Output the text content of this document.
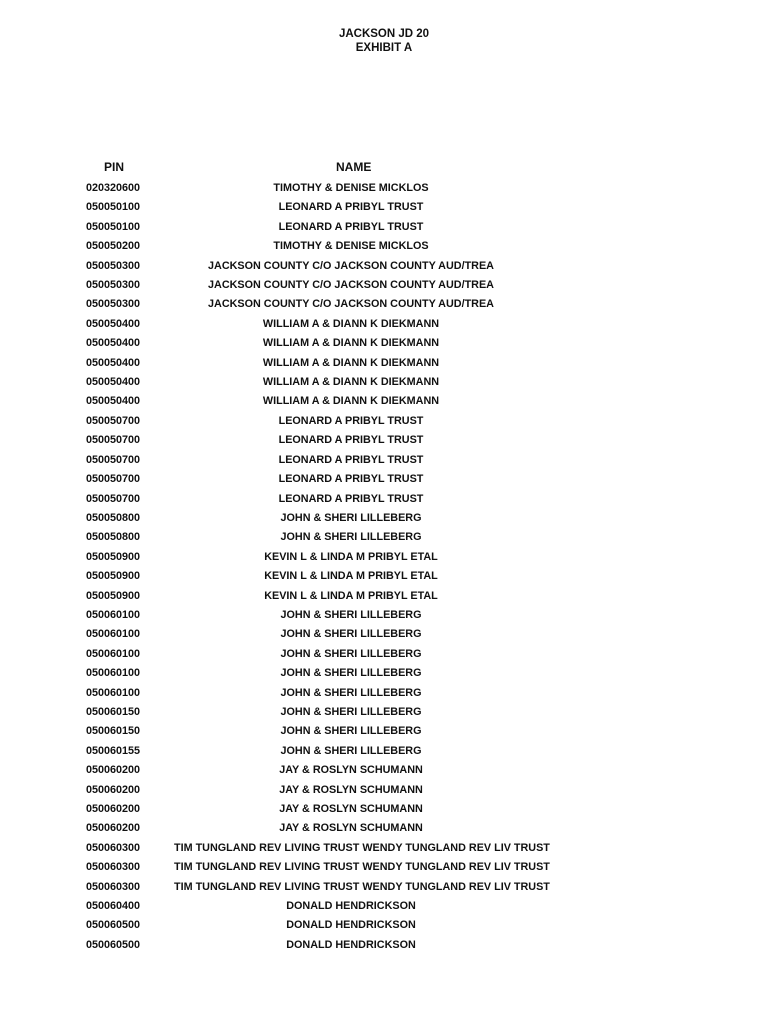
JACKSON JD 20
EXHIBIT A
PIN	NAME
020320600	TIMOTHY & DENISE MICKLOS
050050100	LEONARD A PRIBYL TRUST
050050100	LEONARD A PRIBYL TRUST
050050200	TIMOTHY & DENISE MICKLOS
050050300	JACKSON COUNTY C/O JACKSON COUNTY AUD/TREA
050050300	JACKSON COUNTY C/O JACKSON COUNTY AUD/TREA
050050300	JACKSON COUNTY C/O JACKSON COUNTY AUD/TREA
050050400	WILLIAM A & DIANN K DIEKMANN
050050400	WILLIAM A & DIANN K DIEKMANN
050050400	WILLIAM A & DIANN K DIEKMANN
050050400	WILLIAM A & DIANN K DIEKMANN
050050400	WILLIAM A & DIANN K DIEKMANN
050050700	LEONARD A PRIBYL TRUST
050050700	LEONARD A PRIBYL TRUST
050050700	LEONARD A PRIBYL TRUST
050050700	LEONARD A PRIBYL TRUST
050050700	LEONARD A PRIBYL TRUST
050050800	JOHN & SHERI LILLEBERG
050050800	JOHN & SHERI LILLEBERG
050050900	KEVIN L & LINDA M PRIBYL ETAL
050050900	KEVIN L & LINDA M PRIBYL ETAL
050050900	KEVIN L & LINDA M PRIBYL ETAL
050060100	JOHN & SHERI LILLEBERG
050060100	JOHN & SHERI LILLEBERG
050060100	JOHN & SHERI LILLEBERG
050060100	JOHN & SHERI LILLEBERG
050060100	JOHN & SHERI LILLEBERG
050060150	JOHN & SHERI LILLEBERG
050060150	JOHN & SHERI LILLEBERG
050060155	JOHN & SHERI LILLEBERG
050060200	JAY & ROSLYN SCHUMANN
050060200	JAY & ROSLYN SCHUMANN
050060200	JAY & ROSLYN SCHUMANN
050060200	JAY & ROSLYN SCHUMANN
050060300	TIM TUNGLAND REV LIVING TRUST WENDY TUNGLAND REV LIV TRUST
050060300	TIM TUNGLAND REV LIVING TRUST WENDY TUNGLAND REV LIV TRUST
050060300	TIM TUNGLAND REV LIVING TRUST WENDY TUNGLAND REV LIV TRUST
050060400	DONALD HENDRICKSON
050060500	DONALD HENDRICKSON
050060500	DONALD HENDRICKSON
